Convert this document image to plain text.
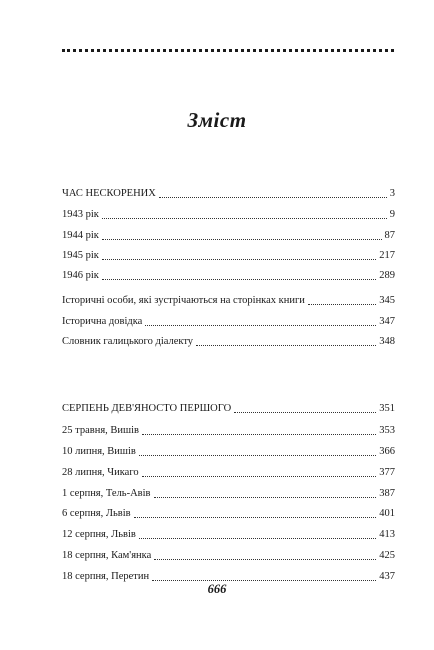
Зміст
ЧАС НЕСКОРЕНИХ	3
1943 рік	9
1944 рік	87
1945 рік	217
1946 рік	289
Історичні особи, які зустрічаються на сторінках книги	345
Історична довідка	347
Словник галицького діалекту	348
СЕРПЕНЬ ДЕВ'ЯНОСТО ПЕРШОГО	351
25 травня, Вишів	353
10 липня, Вишів	366
28 липня, Чикаго	377
1 серпня, Тель-Авів	387
6 серпня, Львів	401
12 серпня, Львів	413
18 серпня, Кам'янка	425
18 серпня, Перетин	437
666
